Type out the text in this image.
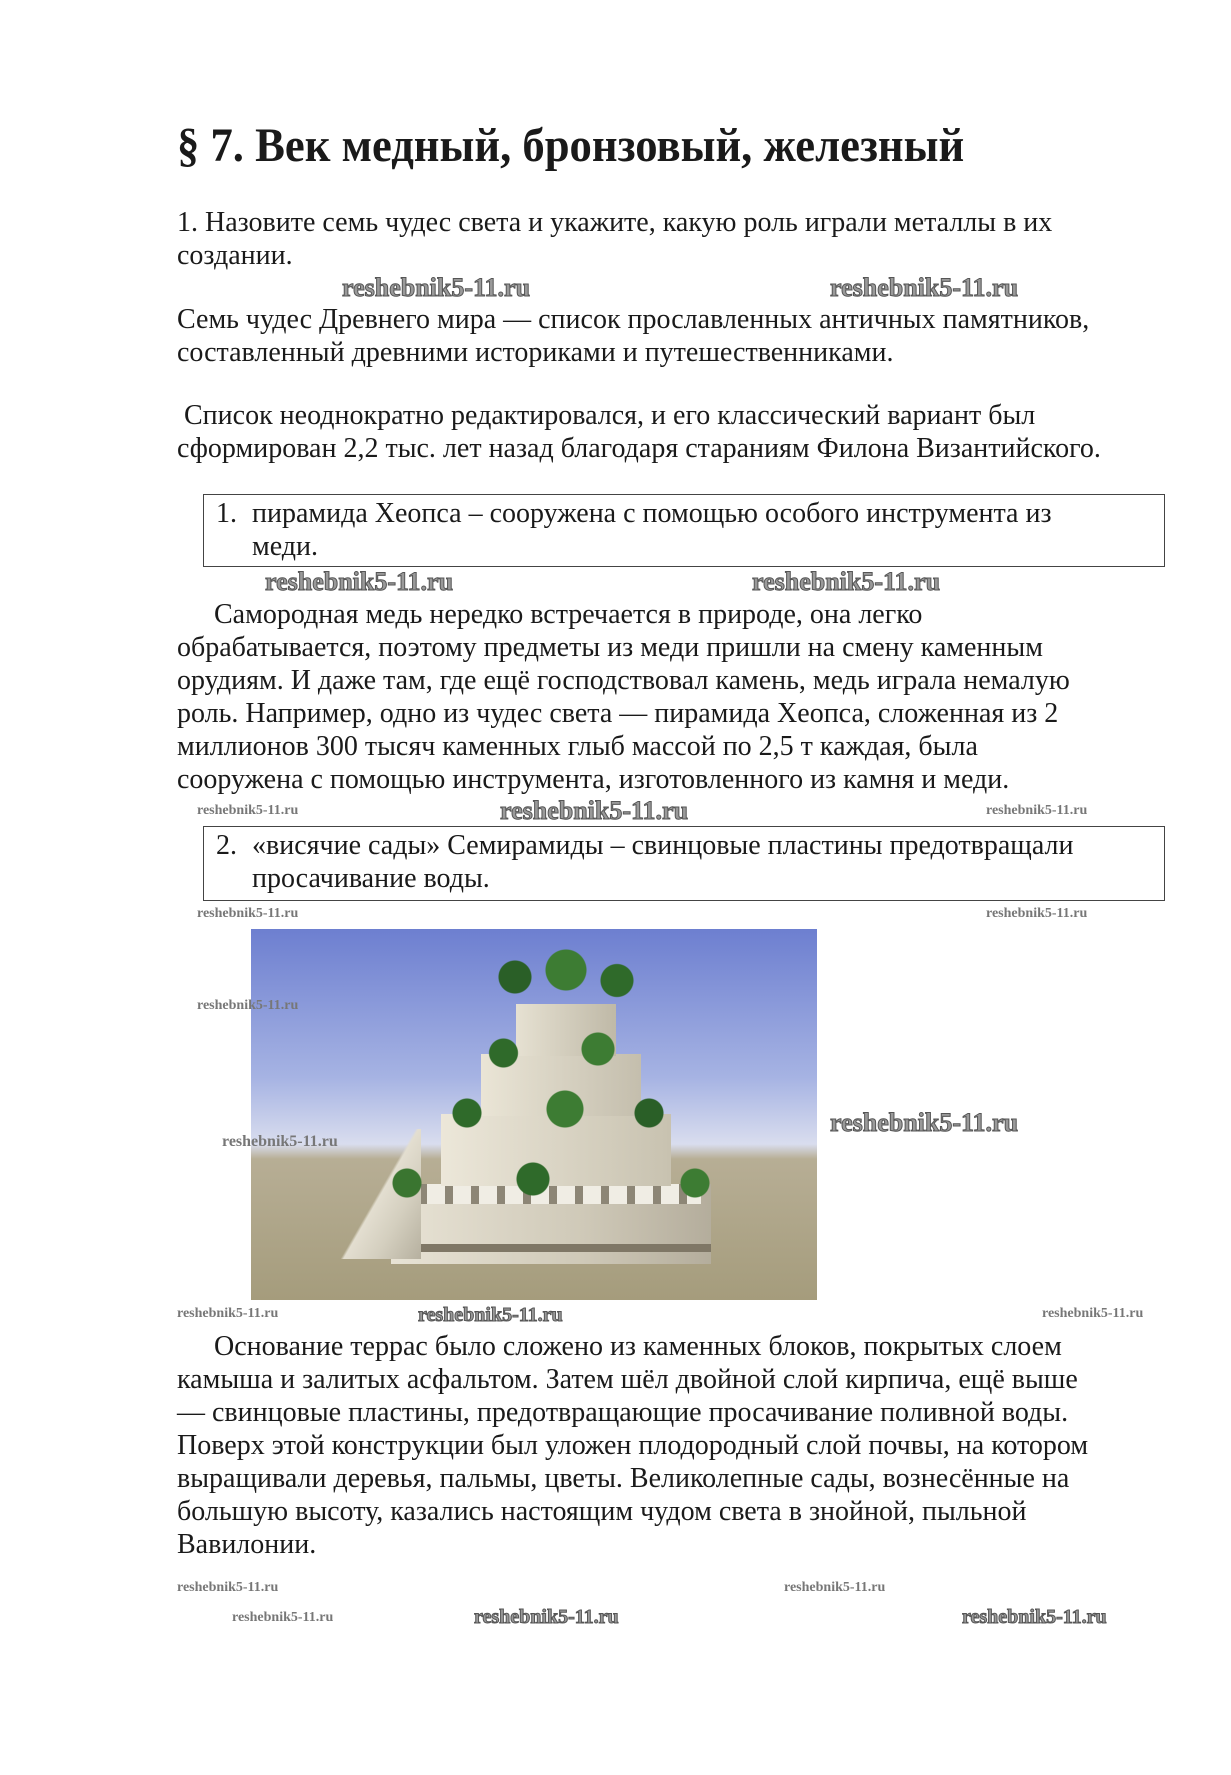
§ 7. Век медный, бронзовый, железный
1. Назовите семь чудес света и укажите, какую роль играли металлы в их
создании.
Семь чудес Древнего мира — список прославленных античных памятников,
составленный древними историками и путешественниками.
Список неоднократно редактировался, и его классический вариант был
сформирован 2,2 тыс. лет назад благодаря стараниям Филона Византийского.
1. пирамида Хеопса – сооружена с помощью особого инструмента из
меди.
Самородная медь нередко встречается в природе, она легко
обрабатывается, поэтому предметы из меди пришли на смену каменным
орудиям. И даже там, где ещё господствовал камень, медь играла немалую
роль. Например, одно из чудес света — пирамида Хеопса, сложенная из 2
миллионов 300 тысяч каменных глыб массой по 2,5 т каждая, была
сооружена с помощью инструмента, изготовленного из камня и меди.
2. «висячие сады» Семирамиды – свинцовые пластины предотвращали
просачивание воды.
Основание террас было сложено из каменных блоков, покрытых слоем
камыша и залитых асфальтом. Затем шёл двойной слой кирпича, ещё выше
— свинцовые пластины, предотвращающие просачивание поливной воды.
Поверх этой конструкции был уложен плодородный слой почвы, на котором
выращивали деревья, пальмы, цветы. Великолепные сады, вознесённые на
большую высоту, казались настоящим чудом света в знойной, пыльной
Вавилонии.
reshebnik5-11.ru	reshebnik5-11.ru
reshebnik5-11.ru	reshebnik5-11.ru
reshebnik5-11.ru	reshebnik5-11.ru	reshebnik5-11.ru
reshebnik5-11.ru	reshebnik5-11.ru
reshebnik5-11.ru
reshebnik5-11.ru
reshebnik5-11.ru
reshebnik5-11.ru	reshebnik5-11.ru	reshebnik5-11.ru
reshebnik5-11.ru	reshebnik5-11.ru
reshebnik5-11.ru	reshebnik5-11.ru	reshebnik5-11.ru
